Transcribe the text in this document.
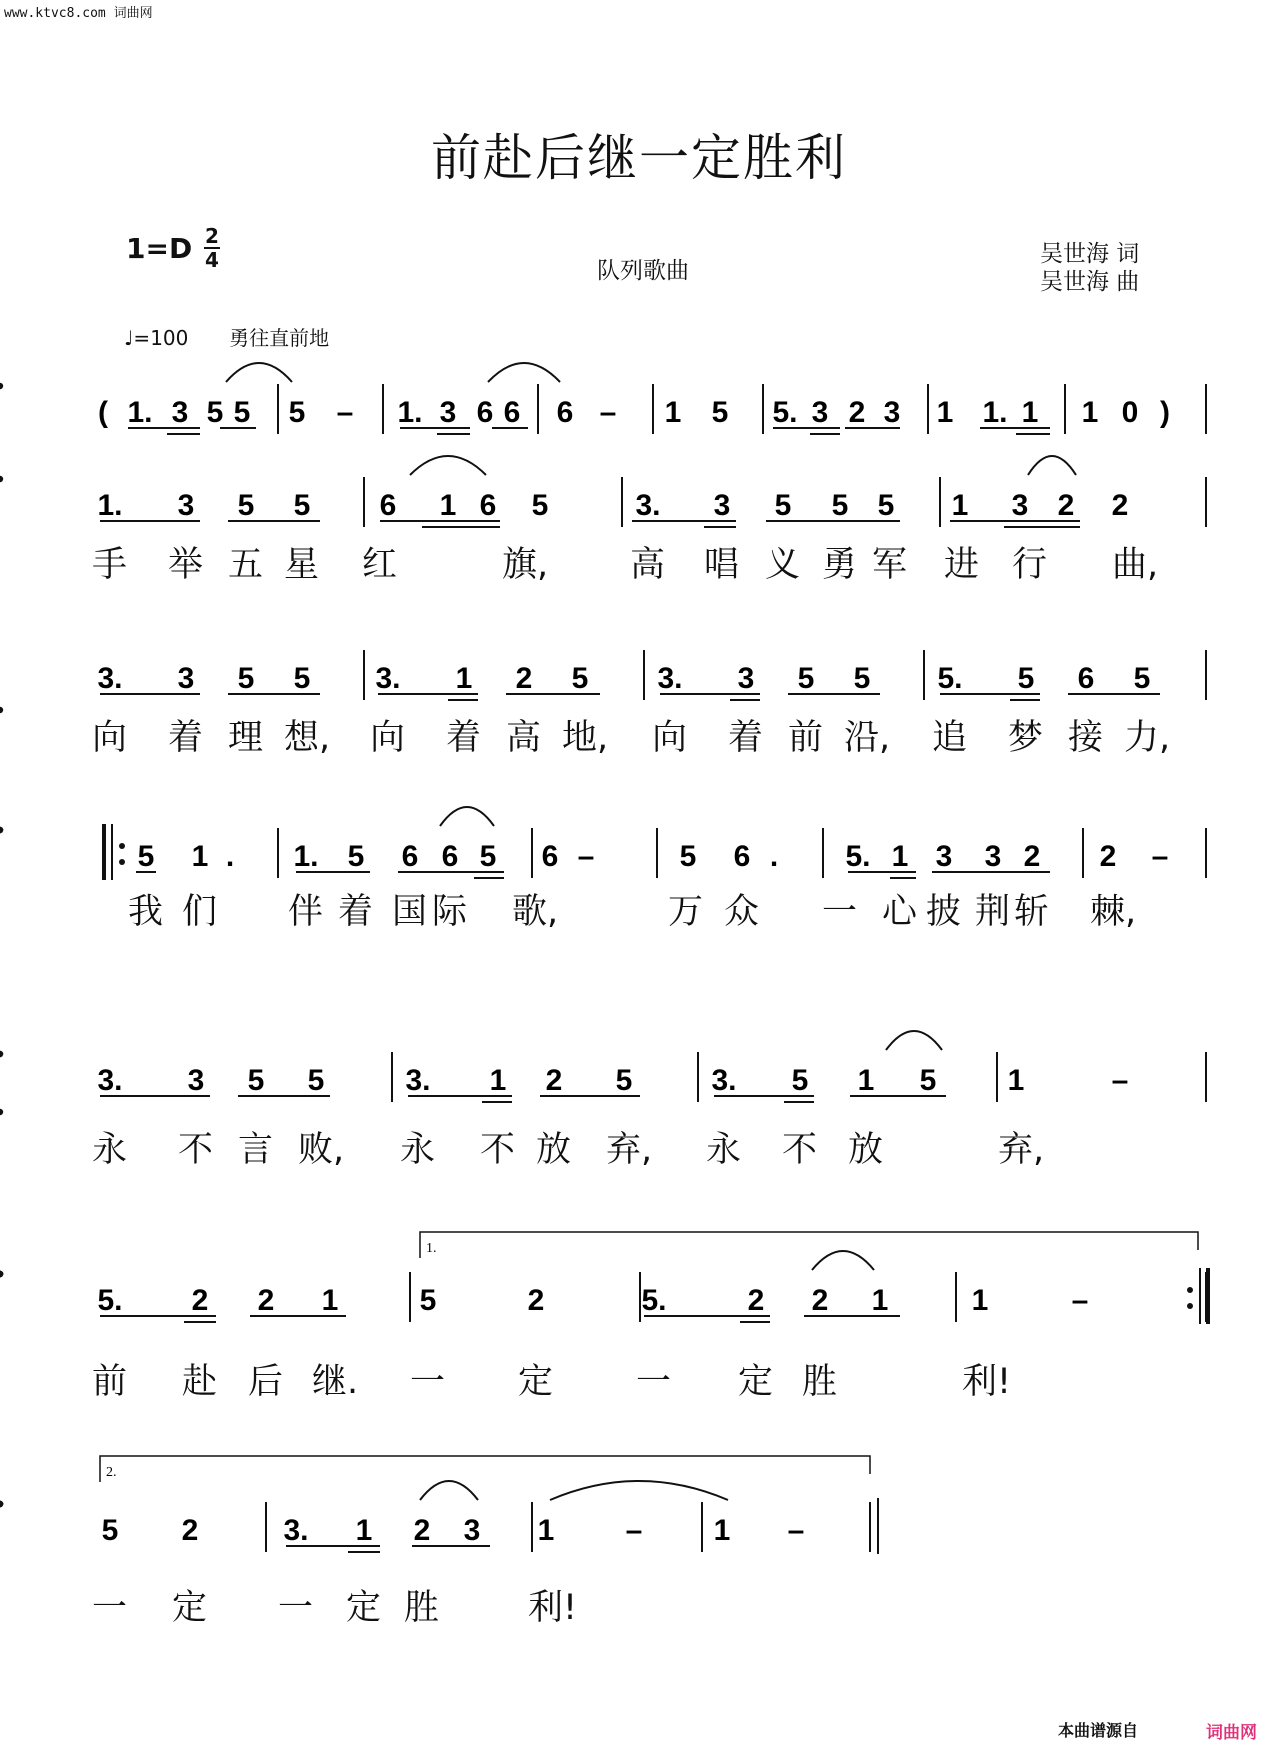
www.ktvc8.com 词曲网
前赴后继一定胜利
1=D 2
4	队列歌曲
吴世海 词
吴世海 曲
♩=100 勇往直前地
( 1. 3 5 5 5 – 1. 3 6 6 6 – 1 5 5. 3 2 3 1 1. 1 1 0 )
1. 3 5 5 6 1 6 5	3. 3 5 5 5 1 3 2 2
3. 3 5 5 3. 1 2 5 3. 3 5 5 5. 5 6 5
5 1 . 1. 5 6 6 5 6 –	5 6 . 5. 1 3 3 2 2 –
3. 3 5 5	3. 1 2 5	3. 5 1 5 1	–
5. 2 2 1	5	2	5.	2 2 1	1	–
1.
5 2	3. 1 2 3 1 – 1 –
2.
手 举 五 星 红	旗, 高 唱 义 勇 军 进 行 曲,
向 着 理 想, 向 着 高 地, 向 着 前 沿, 追 梦 接 力,
我 们 伴 着 国 际 歌,	万 众 一 心 披 荆 斩 棘,
永 不 言 败, 永 不 放 弃, 永 不 放	弃,
前 赴 后 继. 一 定 一 定 胜	利!
一 定 一 定 胜	利!
本曲谱源自	词曲网
